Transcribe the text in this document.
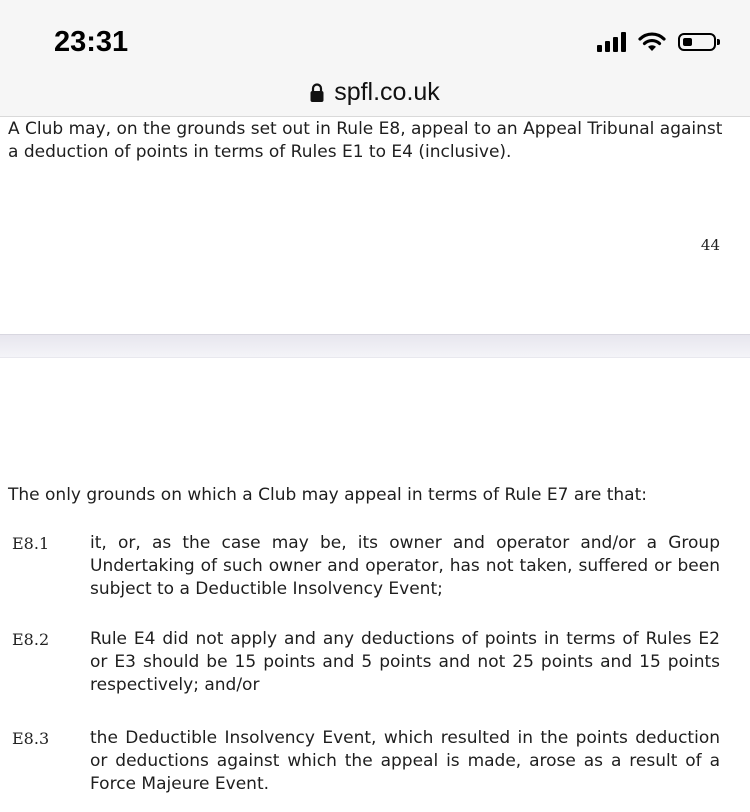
23:31
spfl.co.uk
A Club may, on the grounds set out in Rule E8, appeal to an Appeal Tribunal against a deduction of points in terms of Rules E1 to E4 (inclusive).
44
The only grounds on which a Club may appeal in terms of Rule E7 are that:
E8.1 it, or, as the case may be, its owner and operator and/or a Group Undertaking of such owner and operator, has not taken, suffered or been subject to a Deductible Insolvency Event;
E8.2 Rule E4 did not apply and any deductions of points in terms of Rules E2 or E3 should be 15 points and 5 points and not 25 points and 15 points respectively; and/or
E8.3 the Deductible Insolvency Event, which resulted in the points deduction or deductions against which the appeal is made, arose as a result of a Force Majeure Event.
